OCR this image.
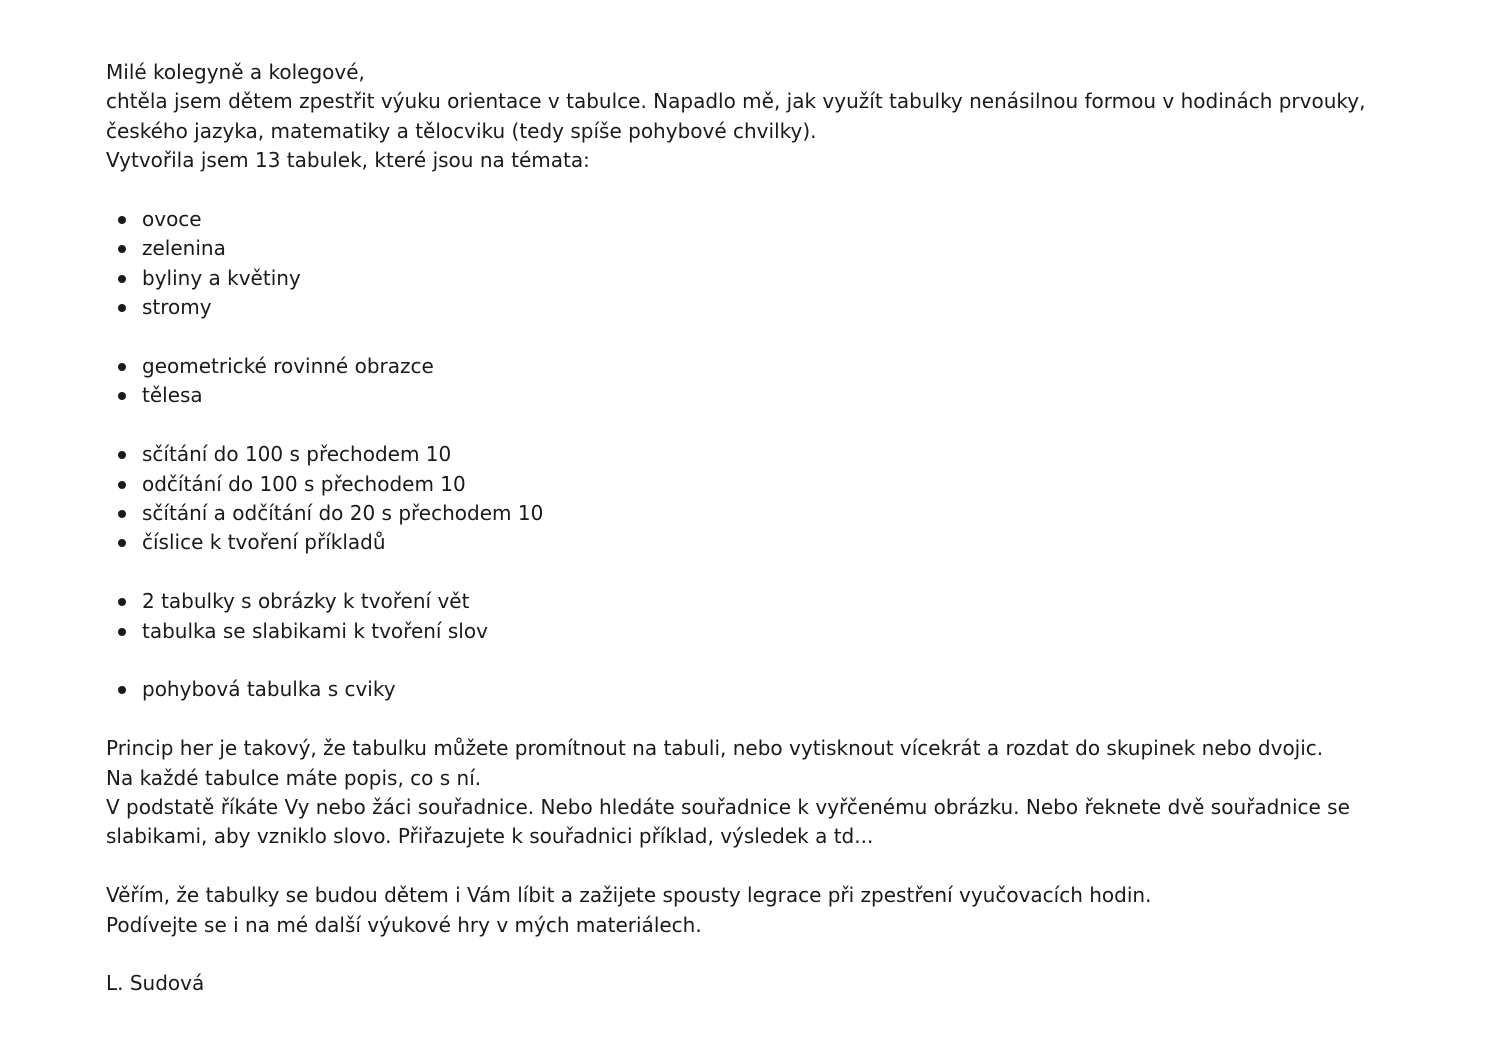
Milé kolegyně a kolegové,

chtěla jsem dětem zpestřit výuku orientace v tabulce. Napadlo mě, jak využít tabulky nenásilnou formou v hodinách prvouky,

českého jazyka, matematiky a tělocviku (tedy spíše pohybové chvilky).

Vytvořila jsem 13 tabulek, které jsou na témata:

ovoce
zelenina
byliny a květiny
stromy
geometrické rovinné obrazce
tělesa
sčítání do 100 s přechodem 10
odčítání do 100 s přechodem 10
sčítání a odčítání do 20 s přechodem 10
číslice k tvoření příkladů
2 tabulky s obrázky k tvoření vět
tabulka se slabikami k tvoření slov
pohybová tabulka s cviky

Princip her je takový, že tabulku můžete promítnout na tabuli, nebo vytisknout vícekrát a rozdat do skupinek nebo dvojic.

Na každé tabulce máte popis, co s ní.

V podstatě říkáte Vy nebo žáci souřadnice. Nebo hledáte souřadnice k vyřčenému obrázku. Nebo řeknete dvě souřadnice se

slabikami, aby vzniklo slovo. Přiřazujete k souřadnici příklad, výsledek a td...

Věřím, že tabulky se budou dětem i Vám líbit a zažijete spousty legrace při zpestření vyučovacích hodin.

Podívejte se i na mé další výukové hry v mých materiálech.

L. Sudová
